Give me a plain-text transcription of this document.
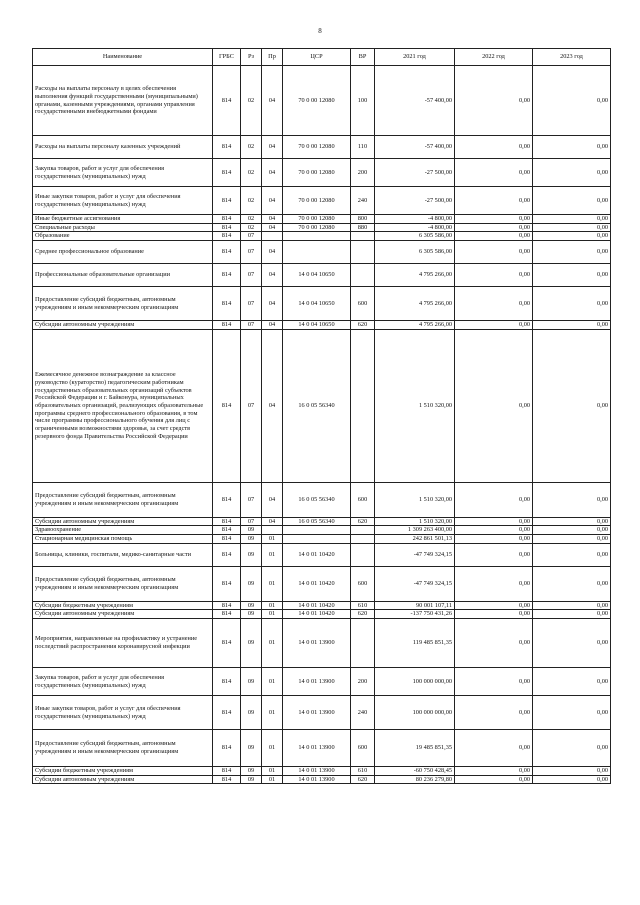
8
Наименование	ГРБС	Рз	Пр	ЦСР	ВР	2021 год	2022 год	2023 год
Расходы на выплаты персоналу в целях обеспечения выполнения функций государственными (муниципальными) органами, казенными учреждениями, органами управления государственными внебюджетными фондами	814	02	04	70 0 00 12080	100	-57 400,00	0,00	0,00
Расходы на выплаты персоналу казенных учреждений	814	02	04	70 0 00 12080	110	-57 400,00	0,00	0,00
Закупка товаров, работ и услуг для обеспечения государственных (муниципальных) нужд	814	02	04	70 0 00 12080	200	-27 500,00	0,00	0,00
Иные закупки товаров, работ и услуг для обеспечения государственных (муниципальных) нужд	814	02	04	70 0 00 12080	240	-27 500,00	0,00	0,00
Иные бюджетные ассигнования	814	02	04	70 0 00 12080	800	-4 800,00	0,00	0,00
Специальные расходы	814	02	04	70 0 00 12080	880	-4 800,00	0,00	0,00
Образование	814	07				6 305 586,00	0,00	0,00
Среднее профессиональное образование	814	07	04			6 305 586,00	0,00	0,00
Профессиональные образовательные организации	814	07	04	14 0 04 10650		4 795 266,00	0,00	0,00
Предоставление субсидий бюджетным, автономным учреждениям и иным некоммерческим организациям	814	07	04	14 0 04 10650	600	4 795 266,00	0,00	0,00
Субсидии автономным учреждениям	814	07	04	14 0 04 10650	620	4 795 266,00	0,00	0,00
Ежемесячное денежное вознаграждение за классное руководство (кураторство) педагогическим работникам государственных образовательных организаций субъектов Российской Федерации и г. Байконура, муниципальных образовательных организаций, реализующих образовательные программы среднего профессионального образования, в том числе программы профессионального обучения для лиц с ограниченными возможностями здоровья, за счет средств резервного фонда Правительства Российской Федерации	814	07	04	16 0 05 56340		1 510 320,00	0,00	0,00
Предоставление субсидий бюджетным, автономным учреждениям и иным некоммерческим организациям	814	07	04	16 0 05 56340	600	1 510 320,00	0,00	0,00
Субсидии автономным учреждениям	814	07	04	16 0 05 56340	620	1 510 320,00	0,00	0,00
Здравоохранение	814	09				1 309 263 400,00	0,00	0,00
Стационарная медицинская помощь	814	09	01			242 861 501,13	0,00	0,00
Больницы, клиники, госпитали, медико-санитарные части	814	09	01	14 0 01 10420		-47 749 324,15	0,00	0,00
Предоставление субсидий бюджетным, автономным учреждениям и иным некоммерческим организациям	814	09	01	14 0 01 10420	600	-47 749 324,15	0,00	0,00
Субсидии бюджетным учреждениям	814	09	01	14 0 01 10420	610	90 001 107,11	0,00	0,00
Субсидии автономным учреждениям	814	09	01	14 0 01 10420	620	-137 750 431,26	0,00	0,00
Мероприятия, направленные на профилактику и устранение последствий распространения коронавирусной инфекции	814	09	01	14 0 01 13900		119 485 851,35	0,00	0,00
Закупка товаров, работ и услуг для обеспечения государственных (муниципальных) нужд	814	09	01	14 0 01 13900	200	100 000 000,00	0,00	0,00
Иные закупки товаров, работ и услуг для обеспечения государственных (муниципальных) нужд	814	09	01	14 0 01 13900	240	100 000 000,00	0,00	0,00
Предоставление субсидий бюджетным, автономным учреждениям и иным некоммерческим организациям	814	09	01	14 0 01 13900	600	19 485 851,35	0,00	0,00
Субсидии бюджетным учреждениям	814	09	01	14 0 01 13900	610	-60 750 428,45	0,00	0,00
Субсидии автономным учреждениям	814	09	01	14 0 01 13900	620	80 236 279,80	0,00	0,00
